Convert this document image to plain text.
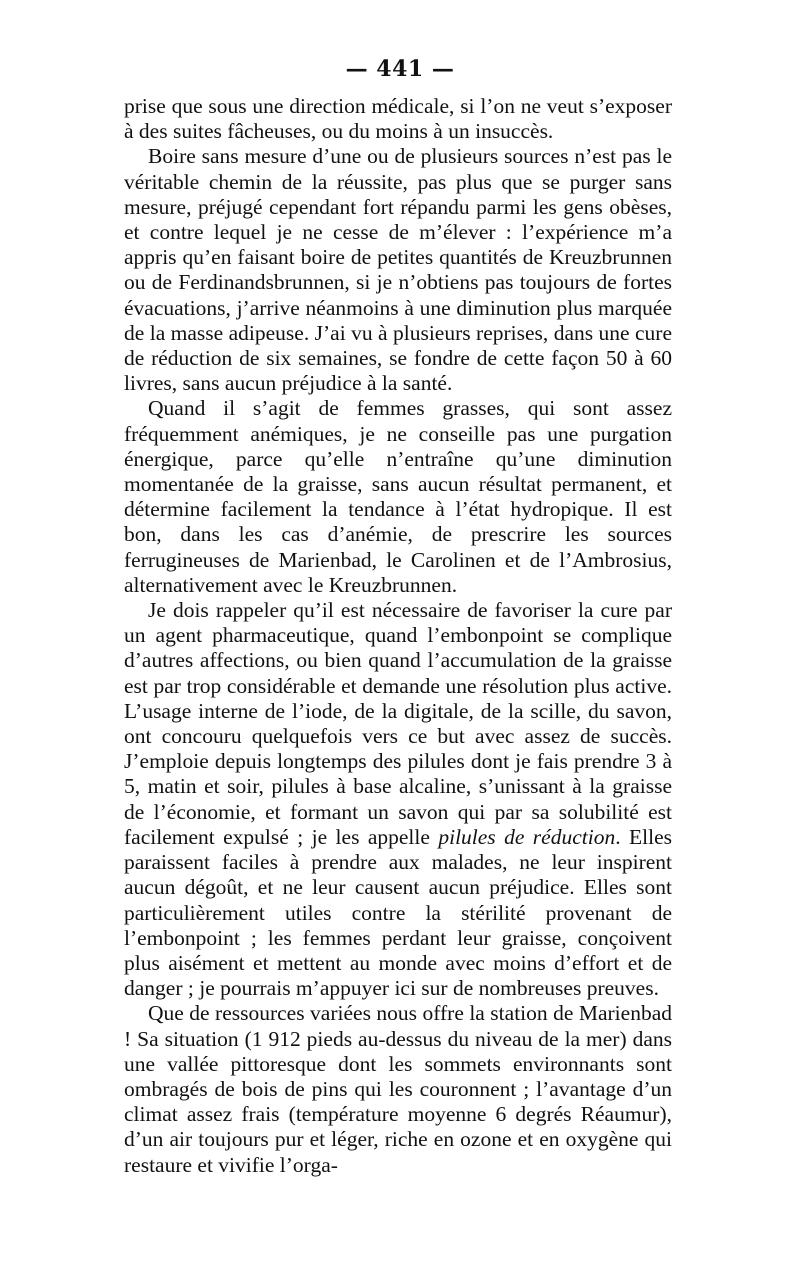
— 441 —

prise que sous une direction médicale, si l’on ne veut s’exposer à des suites fâcheuses, ou du moins à un insuccès.

Boire sans mesure d’une ou de plusieurs sources n’est pas le véritable chemin de la réussite, pas plus que se purger sans mesure, préjugé cependant fort répandu parmi les gens obèses, et contre lequel je ne cesse de m’élever : l’expérience m’a appris qu’en faisant boire de petites quantités de Kreuzbrunnen ou de Ferdinandsbrunnen, si je n’obtiens pas toujours de fortes évacuations, j’arrive néanmoins à une diminution plus marquée de la masse adipeuse. J’ai vu à plusieurs reprises, dans une cure de réduction de six semaines, se fondre de cette façon 50 à 60 livres, sans aucun préjudice à la santé.

Quand il s’agit de femmes grasses, qui sont assez fréquemment anémiques, je ne conseille pas une purgation énergique, parce qu’elle n’entraîne qu’une diminution momentanée de la graisse, sans aucun résultat permanent, et détermine facilement la tendance à l’état hydropique. Il est bon, dans les cas d’anémie, de prescrire les sources ferrugineuses de Marienbad, le Carolinen et de l’Ambrosius, alternativement avec le Kreuzbrunnen.

Je dois rappeler qu’il est nécessaire de favoriser la cure par un agent pharmaceutique, quand l’embonpoint se complique d’autres affections, ou bien quand l’accumulation de la graisse est par trop considérable et demande une résolution plus active. L’usage interne de l’iode, de la digitale, de la scille, du savon, ont concouru quelquefois vers ce but avec assez de succès. J’emploie depuis longtemps des pilules dont je fais prendre 3 à 5, matin et soir, pilules à base alcaline, s’unissant à la graisse de l’économie, et formant un savon qui par sa solubilité est facilement expulsé ; je les appelle pilules de réduction. Elles paraissent faciles à prendre aux malades, ne leur inspirent aucun dégoût, et ne leur causent aucun préjudice. Elles sont particulièrement utiles contre la stérilité provenant de l’embonpoint ; les femmes perdant leur graisse, conçoivent plus aisément et mettent au monde avec moins d’effort et de danger ; je pourrais m’appuyer ici sur de nombreuses preuves.

Que de ressources variées nous offre la station de Marienbad ! Sa situation (1 912 pieds au-dessus du niveau de la mer) dans une vallée pittoresque dont les sommets environnants sont ombragés de bois de pins qui les couronnent ; l’avantage d’un climat assez frais (température moyenne 6 degrés Réaumur), d’un air toujours pur et léger, riche en ozone et en oxygène qui restaure et vivifie l’orga-
